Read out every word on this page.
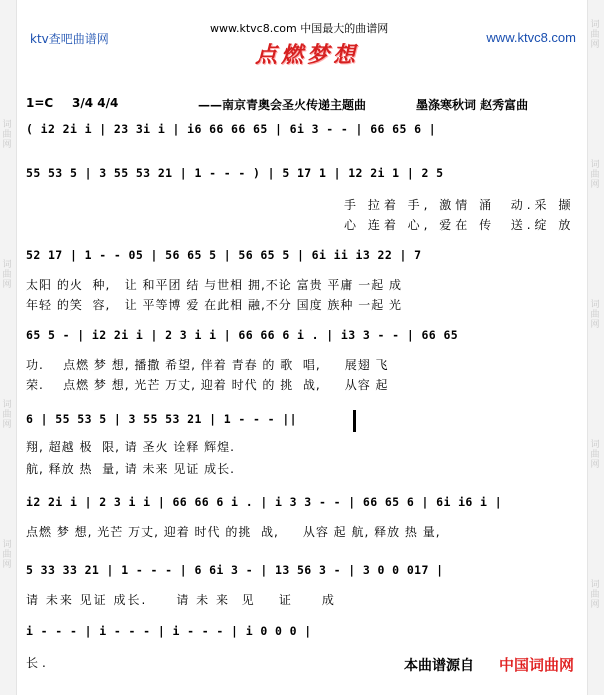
词曲网
词曲网
词曲网
词曲网
词曲网
词曲网
词曲网
词曲网
词曲网
ktv查吧曲谱网
www.ktvc8.com 中国最大的曲谱网
www.ktvc8.com
点燃梦想
1=C 3/4 4/4	——南京青奥会圣火传递主题曲	墨涤寒秋词 赵秀富曲
( i2 2i i | 23 3i i | i6 66 66 65 | 6i 3 - - | 66 65 6 |
55 53 5 | 3 55 53 21 | 1 - - - ) | 5 17 1 | 12 2i 1 | 2 5
手 拉着 手, 激情 涌  动.采 撷
心 连着 心, 爱在 传  送.绽 放
52 17 | 1 - - 05 | 56 65 5 | 56 65 5 | 6i ii i3 22 | 7
太阳 的火  种,   让 和平团 结 与世相 拥,不论 富贵 平庸 一起 成
年轻 的笑  容,   让 平等博 爱 在此相 融,不分 国度 族种 一起 光
65 5 - | i2 2i i | 2 3 i i | 66 66 6 i . | i3 3 - - | 66 65
功.    点燃 梦 想, 播撒 希望, 伴着 青春 的 歌  唱,     展翅 飞
荣.    点燃 梦 想, 光芒 万丈, 迎着 时代 的 挑  战,     从容 起
6 | 55 53 5 | 3 55 53 21 | 1 - - - ||
翔, 超越 极  限, 请 圣火 诠释 辉煌.
航, 释放 热  量, 请 未来 见证 成长.
i2 2i i | 2 3 i i | 66 66 6 i . | i 3 3 - - | 66 65 6 | 6i i6 i |
点燃 梦 想, 光芒 万丈, 迎着 时代 的挑  战,     从容 起 航, 释放 热 量,
5 33 33 21 | 1 - - - | 6 6i 3 - | 13 56 3 - | 3 0 0 017 |
请 未来 见证 成长.     请 未 来  见    证     成
i - - - | i - - - | i - - - | i 0 0 0 |
长.	本曲谱源自 中国词曲网
